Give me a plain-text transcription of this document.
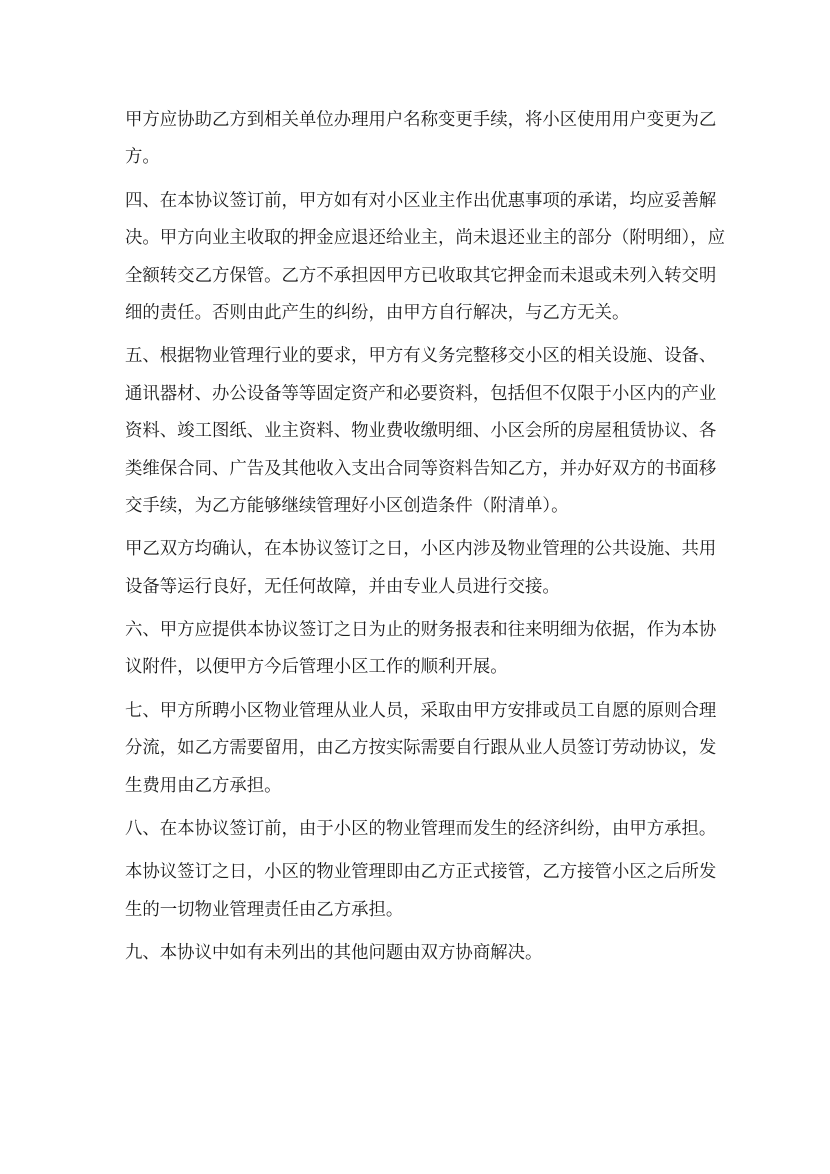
甲方应协助乙方到相关单位办理用户名称变更手续，将小区使用用户变更为乙
方。
四、在本协议签订前，甲方如有对小区业主作出优惠事项的承诺，均应妥善解
决。甲方向业主收取的押金应退还给业主，尚未退还业主的部分（附明细），应
全额转交乙方保管。乙方不承担因甲方已收取其它押金而未退或未列入转交明
细的责任。否则由此产生的纠纷，由甲方自行解决，与乙方无关。
五、根据物业管理行业的要求，甲方有义务完整移交小区的相关设施、设备、
通讯器材、办公设备等等固定资产和必要资料，包括但不仅限于小区内的产业
资料、竣工图纸、业主资料、物业费收缴明细、小区会所的房屋租赁协议、各
类维保合同、广告及其他收入支出合同等资料告知乙方，并办好双方的书面移
交手续，为乙方能够继续管理好小区创造条件（附清单）。
甲乙双方均确认，在本协议签订之日，小区内涉及物业管理的公共设施、共用
设备等运行良好，无任何故障，并由专业人员进行交接。
六、甲方应提供本协议签订之日为止的财务报表和往来明细为依据，作为本协
议附件，以便甲方今后管理小区工作的顺利开展。
七、甲方所聘小区物业管理从业人员，采取由甲方安排或员工自愿的原则合理
分流，如乙方需要留用，由乙方按实际需要自行跟从业人员签订劳动协议，发
生费用由乙方承担。
八、在本协议签订前，由于小区的物业管理而发生的经济纠纷，由甲方承担。
本协议签订之日，小区的物业管理即由乙方正式接管，乙方接管小区之后所发
生的一切物业管理责任由乙方承担。
九、本协议中如有未列出的其他问题由双方协商解决。
